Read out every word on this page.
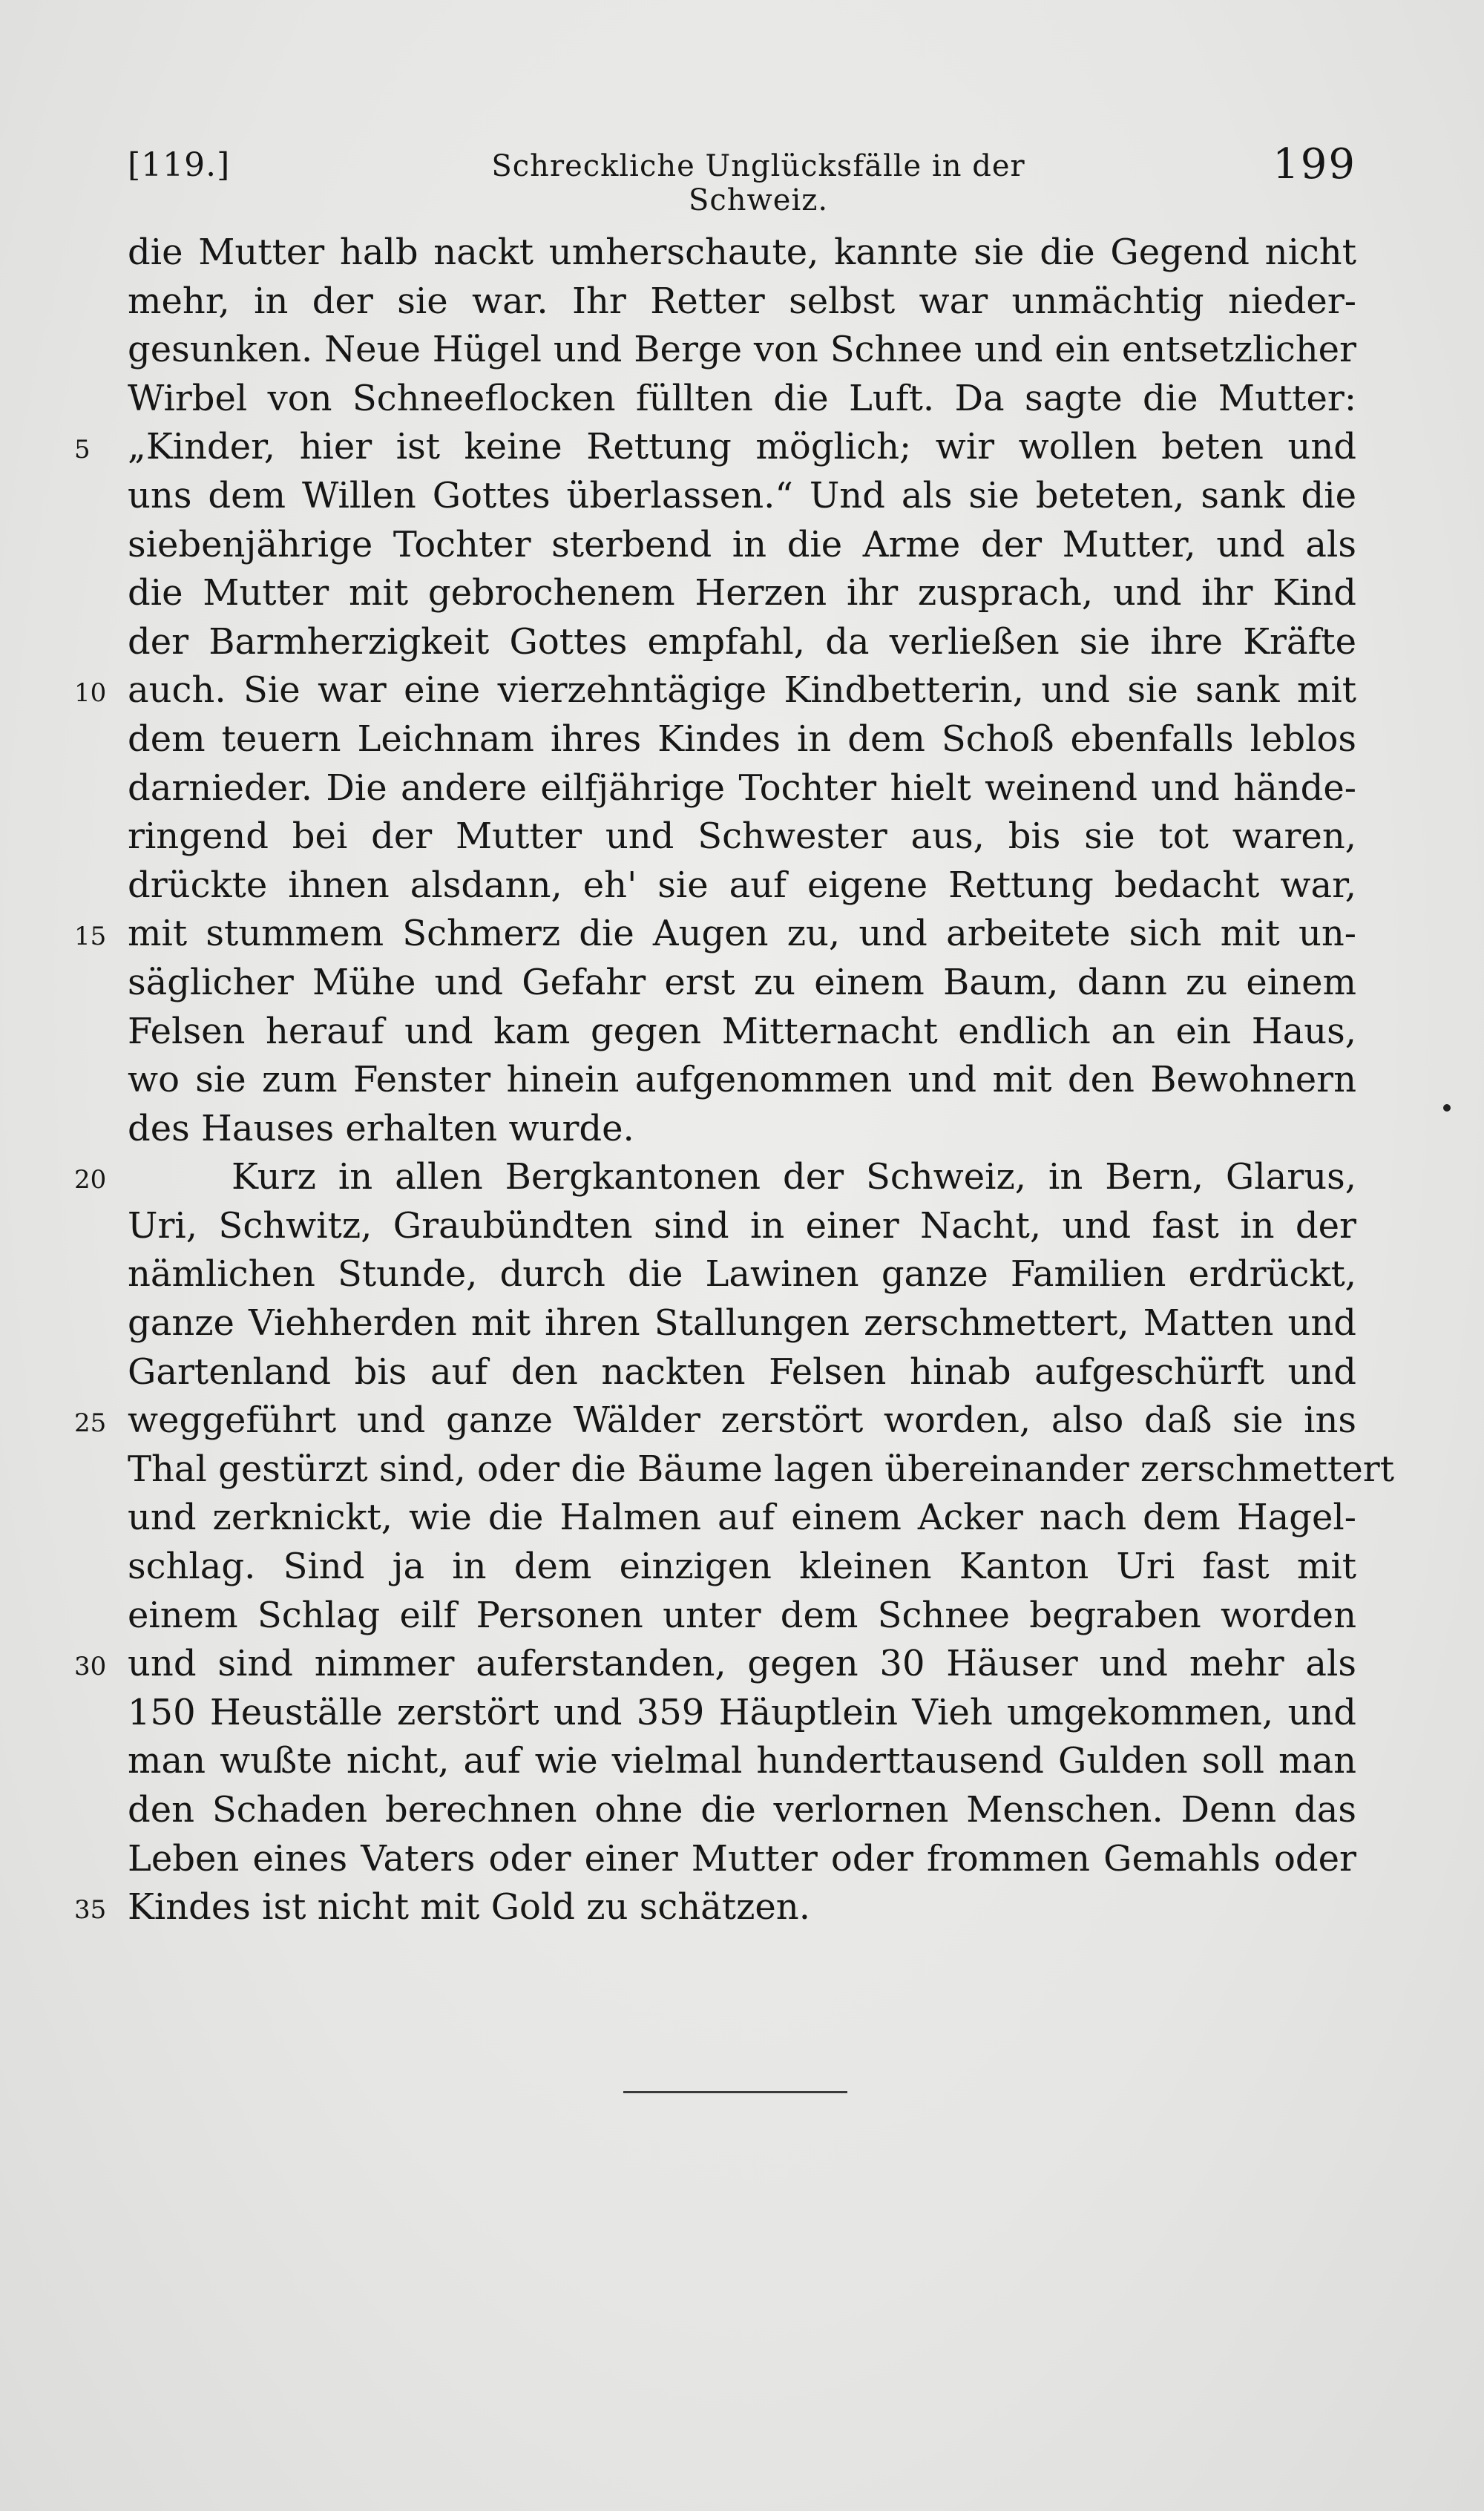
[119.]	Schreckliche Unglücksfälle in der Schweiz.
199
die Mutter halb nackt umherschaute, kannte sie die Gegend nicht
mehr, in der sie war. Ihr Retter selbst war unmächtig nieder-
gesunken. Neue Hügel und Berge von Schnee und ein entsetzlicher
Wirbel von Schneeflocken füllten die Luft. Da sagte die Mutter:
5	„Kinder, hier ist keine Rettung möglich; wir wollen beten und
uns dem Willen Gottes überlassen.“ Und als sie beteten, sank die
siebenjährige Tochter sterbend in die Arme der Mutter, und als
die Mutter mit gebrochenem Herzen ihr zusprach, und ihr Kind
der Barmherzigkeit Gottes empfahl, da verließen sie ihre Kräfte
10 auch. Sie war eine vierzehntägige Kindbetterin, und sie sank mit
dem teuern Leichnam ihres Kindes in dem Schoß ebenfalls leblos
darnieder. Die andere eilfjährige Tochter hielt weinend und hände-
ringend bei der Mutter und Schwester aus, bis sie tot waren,
drückte ihnen alsdann, eh' sie auf eigene Rettung bedacht war,
15 mit stummem Schmerz die Augen zu, und arbeitete sich mit un-
säglicher Mühe und Gefahr erst zu einem Baum, dann zu einem
Felsen herauf und kam gegen Mitternacht endlich an ein Haus,
wo sie zum Fenster hinein aufgenommen und mit den Bewohnern
des Hauses erhalten wurde.
20	Kurz in allen Bergkantonen der Schweiz, in Bern, Glarus,
Uri, Schwitz, Graubündten sind in einer Nacht, und fast in der
nämlichen Stunde, durch die Lawinen ganze Familien erdrückt,
ganze Viehherden mit ihren Stallungen zerschmettert, Matten und
Gartenland bis auf den nackten Felsen hinab aufgeschürft und
25 weggeführt und ganze Wälder zerstört worden, also daß sie ins
Thal gestürzt sind, oder die Bäume lagen übereinander zerschmettert
und zerknickt, wie die Halmen auf einem Acker nach dem Hagel-
schlag. Sind ja in dem einzigen kleinen Kanton Uri fast mit
einem Schlag eilf Personen unter dem Schnee begraben worden
30 und sind nimmer auferstanden, gegen 30 Häuser und mehr als
150 Heuställe zerstört und 359 Häuptlein Vieh umgekommen, und
man wußte nicht, auf wie vielmal hunderttausend Gulden soll man
den Schaden berechnen ohne die verlornen Menschen. Denn das
Leben eines Vaters oder einer Mutter oder frommen Gemahls oder
35 Kindes ist nicht mit Gold zu schätzen.
